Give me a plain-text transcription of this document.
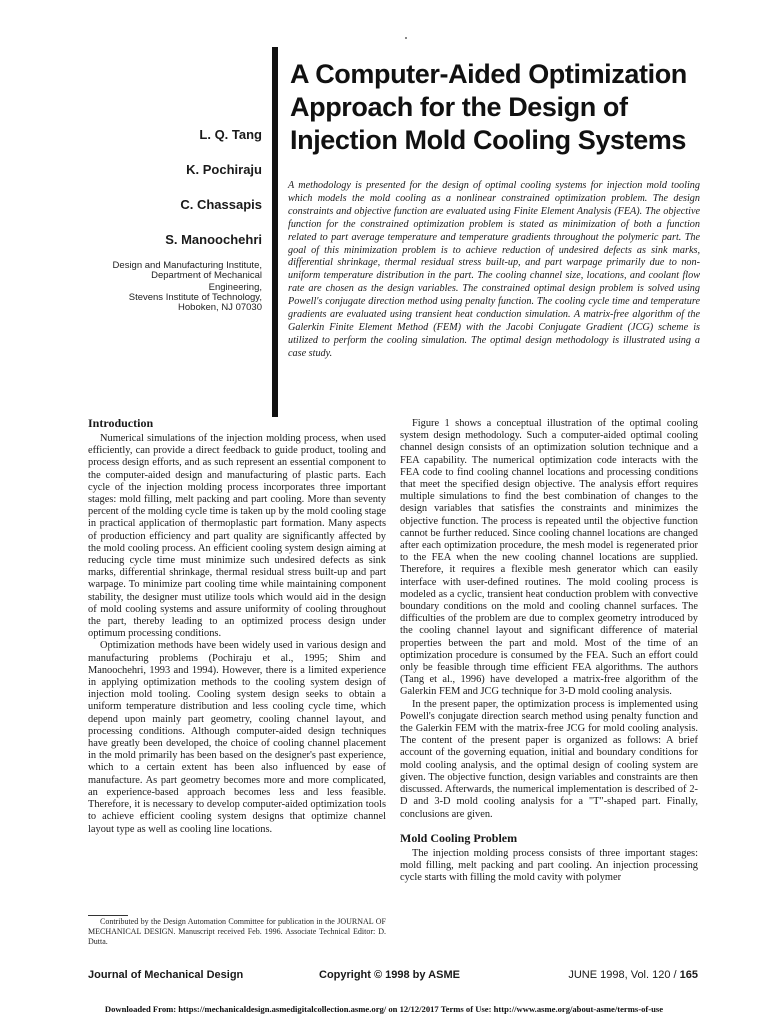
L. Q. Tang
K. Pochiraju
C. Chassapis
S. Manoochehri
Design and Manufacturing Institute,
Department of Mechanical Engineering,
Stevens Institute of Technology,
Hoboken, NJ 07030
A Computer-Aided Optimization
Approach for the Design of
Injection Mold Cooling Systems
A methodology is presented for the design of optimal cooling systems for injection mold tooling which models the mold cooling as a nonlinear constrained optimization problem. The design constraints and objective function are evaluated using Finite Element Analysis (FEA). The objective function for the constrained optimization problem is stated as minimization of both a function related to part average temperature and temperature gradients throughout the polymeric part. The goal of this minimization problem is to achieve reduction of undesired defects as sink marks, differential shrinkage, thermal residual stress built-up, and part warpage primarily due to non-uniform temperature distribution in the part. The cooling channel size, locations, and coolant flow rate are chosen as the design variables. The constrained optimal design problem is solved using Powell's conjugate direction method using penalty function. The cooling cycle time and temperature gradients are evaluated using transient heat conduction simulation. A matrix-free algorithm of the Galerkin Finite Element Method (FEM) with the Jacobi Conjugate Gradient (JCG) scheme is utilized to perform the cooling simulation. The optimal design methodology is illustrated using a case study.
Introduction

Numerical simulations of the injection molding process, when used efficiently, can provide a direct feedback to guide product, tooling and process design efforts, and as such represent an essential component to the computer-aided design and manufacturing of plastic parts. Each cycle of the injection molding process incorporates three important stages: mold filling, melt packing and part cooling. More than seventy percent of the molding cycle time is taken up by the mold cooling stage in practical application of thermoplastic part formation. Many aspects of production efficiency and part quality are significantly affected by the mold cooling process. An efficient cooling system design aiming at reducing cycle time must minimize such undesired defects as sink marks, differential shrinkage, thermal residual stress built-up and part warpage. To minimize part cooling time while maintaining component stability, the designer must utilize tools which would aid in the design of mold cooling systems and assure uniformity of cooling throughout the part, thereby leading to an optimized process design under optimum processing conditions.

Optimization methods have been widely used in various design and manufacturing problems (Pochiraju et al., 1995; Shim and Manoochehri, 1993 and 1994). However, there is a limited experience in applying optimization methods to the cooling system design of injection mold tooling. Cooling system design seeks to obtain a uniform temperature distribution and less cooling cycle time, which depend upon mainly part geometry, cooling channel layout, and processing conditions. Although computer-aided design techniques have greatly been developed, the choice of cooling channel placement in the mold primarily has been based on the designer's past experience, which to a certain extent has been also influenced by ease of manufacture. As part geometry becomes more and more complicated, an experience-based approach becomes less and less feasible. Therefore, it is necessary to develop computer-aided optimization tools to achieve efficient cooling system designs that optimize channel layout type as well as cooling line locations.

Figure 1 shows a conceptual illustration of the optimal cooling system design methodology. Such a computer-aided optimal cooling channel design consists of an optimization solution technique and a FEA capability. The numerical optimization code interacts with the FEA code to find cooling channel locations and processing conditions that meet the specified design objective. The analysis effort requires multiple simulations to find the best combination of changes to the design variables that satisfies the constraints and minimizes the objective function. The process is repeated until the objective function cannot be further reduced. Since cooling channel locations are changed after each optimization procedure, the mesh model is regenerated prior to the FEA when the new cooling channel locations are supplied. Therefore, it requires a flexible mesh generator which can easily interface with user-defined routines. The mold cooling process is modeled as a cyclic, transient heat conduction problem with convective boundary conditions on the mold and cooling channel surfaces. The difficulties of the problem are due to complex geometry introduced by the cooling channel layout and significant difference of material properties between the part and mold. Most of the time of an optimization procedure is consumed by the FEA. Such an effort could only be feasible through time efficient FEA algorithms. The authors (Tang et al., 1996) have developed a matrix-free algorithm of the Galerkin FEM and JCG technique for 3-D mold cooling analysis.

In the present paper, the optimization process is implemented using Powell's conjugate direction search method using penalty function and the Galerkin FEM with the matrix-free JCG for mold cooling analysis. The content of the present paper is organized as follows: A brief account of the governing equation, initial and boundary conditions for mold cooling analysis, and the optimal design of cooling system are given. The objective function, design variables and constraints are then discussed. Afterwards, the numerical implementation is described of 2-D and 3-D mold cooling analysis for a "T"-shaped part. Finally, conclusions are given.

Mold Cooling Problem

The injection molding process consists of three important stages: mold filling, melt packing and part cooling. An injection processing cycle starts with filling the mold cavity with polymer

Contributed by the Design Automation Committee for publication in the JOURNAL OF MECHANICAL DESIGN. Manuscript received Feb. 1996. Associate Technical Editor: D. Dutta.
Journal of Mechanical Design	Copyright © 1998 by ASME	JUNE 1998, Vol. 120 / 165
Downloaded From: https://mechanicaldesign.asmedigitalcollection.asme.org/ on 12/12/2017 Terms of Use: http://www.asme.org/about-asme/terms-of-use
